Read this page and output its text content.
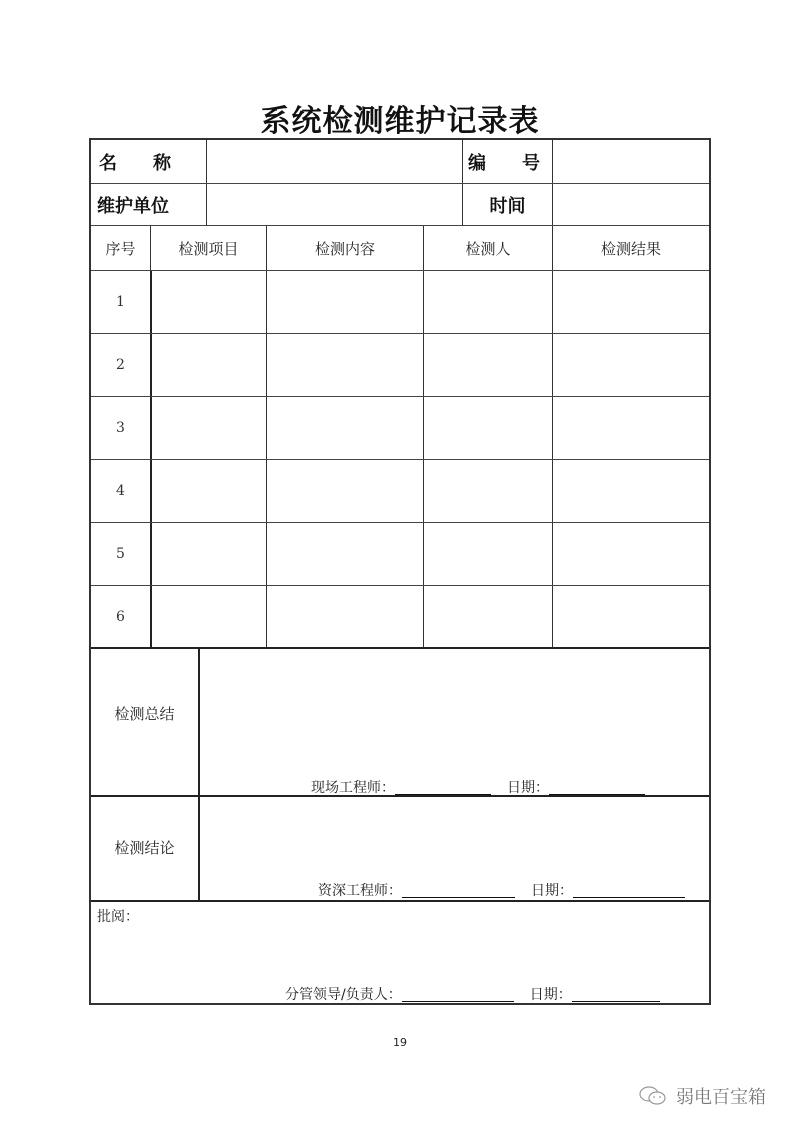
系统检测维护记录表
名　　称	编　　号
维护单位	时间
序号	检测项目	检测内容	检测人	检测结果
1
2
3
4
5
6
检测总结
现场工程师：	日期：
检测结论
资深工程师：	日期：
批阅：
分管领导/负责人：	日期：
19
弱电百宝箱
